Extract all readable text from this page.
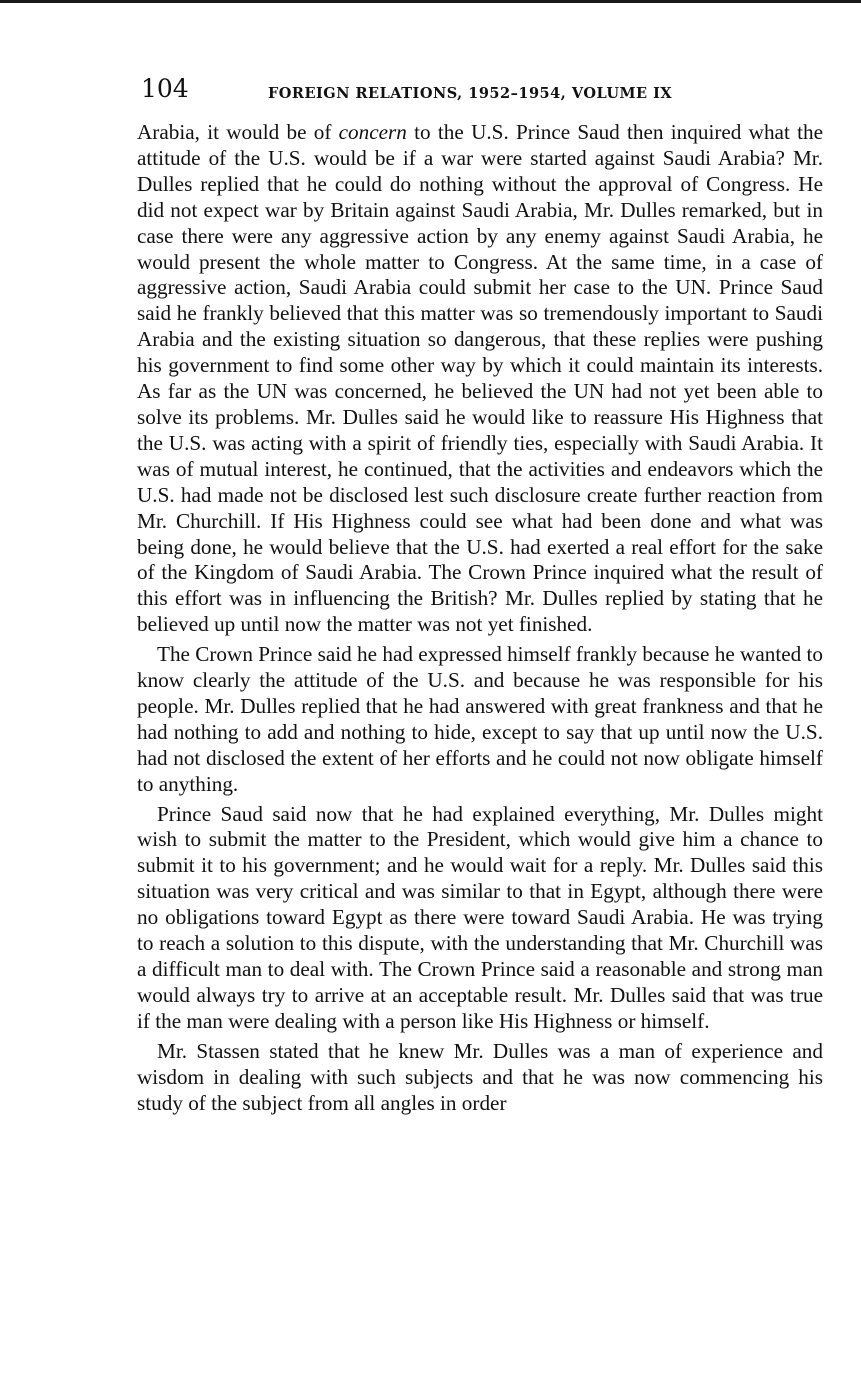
104	FOREIGN RELATIONS, 1952–1954, VOLUME IX

Arabia, it would be of concern to the U.S. Prince Saud then inquired what the attitude of the U.S. would be if a war were started against Saudi Arabia? Mr. Dulles replied that he could do nothing without the approval of Congress. He did not expect war by Britain against Saudi Arabia, Mr. Dulles remarked, but in case there were any aggressive action by any enemy against Saudi Arabia, he would present the whole matter to Congress. At the same time, in a case of aggressive action, Saudi Arabia could submit her case to the UN. Prince Saud said he frankly believed that this matter was so tremendously important to Saudi Arabia and the existing situation so dangerous, that these replies were pushing his government to find some other way by which it could maintain its interests. As far as the UN was concerned, he believed the UN had not yet been able to solve its problems. Mr. Dulles said he would like to reassure His Highness that the U.S. was acting with a spirit of friendly ties, especially with Saudi Arabia. It was of mutual interest, he continued, that the activities and endeavors which the U.S. had made not be disclosed lest such disclosure create further reaction from Mr. Churchill. If His Highness could see what had been done and what was being done, he would believe that the U.S. had exerted a real effort for the sake of the Kingdom of Saudi Arabia. The Crown Prince inquired what the result of this effort was in influencing the British? Mr. Dulles replied by stating that he believed up until now the matter was not yet finished.

The Crown Prince said he had expressed himself frankly because he wanted to know clearly the attitude of the U.S. and because he was responsible for his people. Mr. Dulles replied that he had answered with great frankness and that he had nothing to add and nothing to hide, except to say that up until now the U.S. had not disclosed the extent of her efforts and he could not now obligate himself to anything.

Prince Saud said now that he had explained everything, Mr. Dulles might wish to submit the matter to the President, which would give him a chance to submit it to his government; and he would wait for a reply. Mr. Dulles said this situation was very critical and was similar to that in Egypt, although there were no obligations toward Egypt as there were toward Saudi Arabia. He was trying to reach a solution to this dispute, with the understanding that Mr. Churchill was a difficult man to deal with. The Crown Prince said a reasonable and strong man would always try to arrive at an acceptable result. Mr. Dulles said that was true if the man were dealing with a person like His Highness or himself.

Mr. Stassen stated that he knew Mr. Dulles was a man of experience and wisdom in dealing with such subjects and that he was now commencing his study of the subject from all angles in order
